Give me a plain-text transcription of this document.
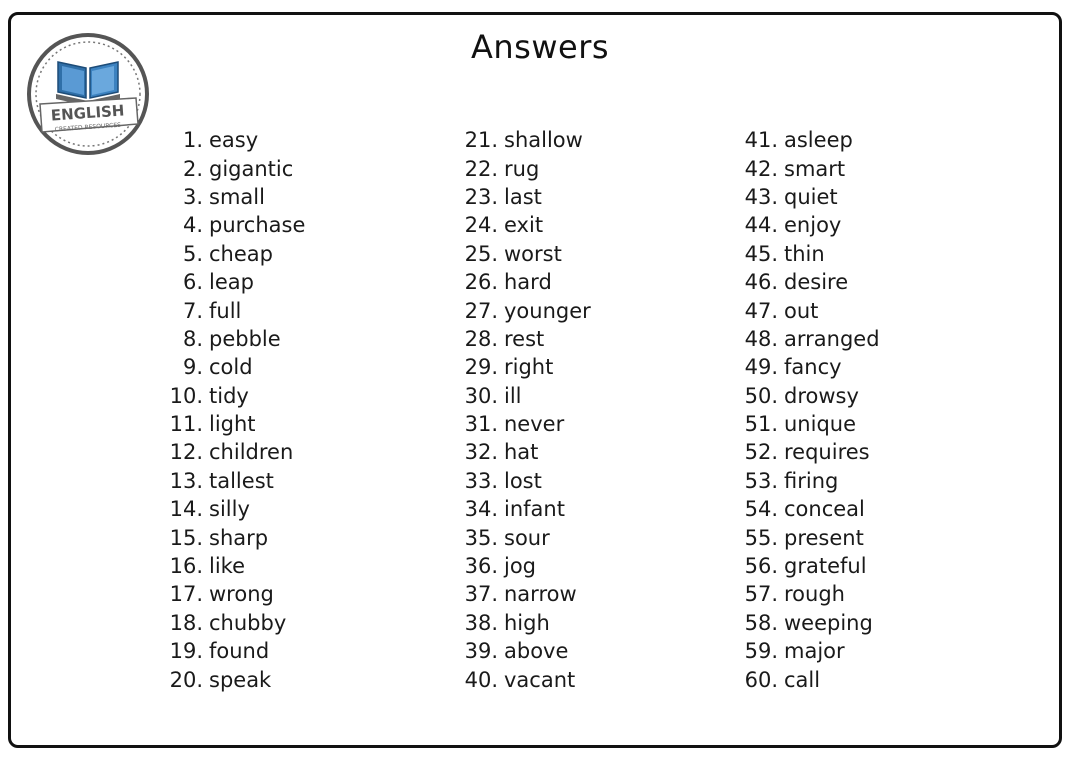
ENGLISH
CREATED RESOURCES
Answers
1. easy
2. gigantic
3. small
4. purchase
5. cheap
6. leap
7. full
8. pebble
9. cold
10. tidy
11. light
12. children
13. tallest
14. silly
15. sharp
16. like
17. wrong
18. chubby
19. found
20. speak
21. shallow
22. rug
23. last
24. exit
25. worst
26. hard
27. younger
28. rest
29. right
30. ill
31. never
32. hat
33. lost
34. infant
35. sour
36. jog
37. narrow
38. high
39. above
40. vacant
41. asleep
42. smart
43. quiet
44. enjoy
45. thin
46. desire
47. out
48. arranged
49. fancy
50. drowsy
51. unique
52. requires
53. firing
54. conceal
55. present
56. grateful
57. rough
58. weeping
59. major
60. call
